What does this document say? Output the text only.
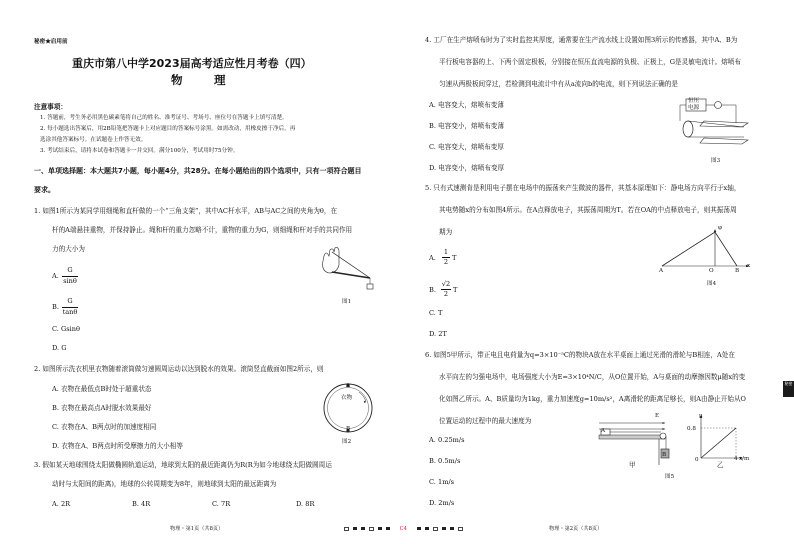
秘密★启用前
重庆市第八中学2023届高考适应性月考卷（四）
物　理
注意事项：
1. 答题前，考生务必用黑色碳素笔将自己的姓名、准考证号、考场号、座位号在答题卡上填写清楚。
2. 每小题选出答案后，用2B铅笔把答题卡上对应题目的答案标号涂黑。如需改动，用橡皮擦干净后，再
选涂其他答案标号。在试题卷上作答无效。
3. 考试结束后，请将本试卷和答题卡一并交回。满分100分，考试用时75分钟。
一、单项选择题：本大题共7小题，每小题4分，共28分。在每小题给出的四个选项中，只有一项符合题目
要求。
1. 如图1所示为某同学用细绳和直杆做的一个“三角支架”，其中AC杆水平，AB与AC之间的夹角为θ，在
杆的A端悬挂重物，并保持静止。绳和杆的重力忽略不计，重物的重力为G，则细绳和杆对手的共同作用
力的大小为
A.
G
sinθ
B.
G
tanθ
C. Gsinθ
D. G
图1
2. 如图所示洗衣机里衣物随着滚筒做匀速圆周运动以达到脱水的效果。滚筒竖直截面如图2所示，则
A. 衣物在最低点B时处于超重状态
B. 衣物在最高点A时脱水效果最好
C. 衣物在A、B两点时的加速度相同
D. 衣物在A、B两点时所受摩擦力的大小相等
衣物
A
B
图2
3. 假如某天地球围绕太阳做椭圆轨道运动，地球到太阳的最近距离仍为R(R为如今地球绕太阳做圆周运
动时与太阳间的距离)，地球的公转周期变为8年，则地球到太阳的最远距离为
A. 2R	B. 4R	C. 7R	D. 8R
物理・第1页（共8页）	C4
4. 工厂在生产熔喷布时为了实时监控其厚度，通常要在生产流水线上设置如图3所示的传感器，其中A、B为
平行板电容器的上、下两个固定极板，分别接在恒压直流电源的负极、正极上，G是灵敏电流计。熔喷布
匀速从两极板间穿过，若检测到电流计中有从a流向b的电流，则下列说法正确的是
A. 电容变大，熔喷布变薄
B. 电容变小，熔喷布变薄
C. 电容变大，熔喷布变厚
D. 电容变小，熔喷布变厚
恒压
电源
图3
5. 只有式速测肯是利用电子摆在电场中的振荡来产生微波的器件，其基本原理如下：静电场方向平行于x轴，
其电势随x的分布如图4所示。在A点释放电子，其振荡周期为T。若在OA的中点释放电子，则其振荡周
期为
A.
1
2 T
B.
√2
2 T
C. T
D. 2T
A	O	B
x
φ
图4
6. 如图5甲所示，带正电且电荷量为q=3×10⁻⁵C的物块A放在水平桌面上通过光滑的滑轮与B相连，A处在
水平向左的匀强电场中，电场强度大小为E=3×10⁴N/C，从O位置开始，A与桌面的动摩擦因数μ随x的变
化如图乙所示。A、B质量均为1kg，重力加速度g=10m/s²，A离滑轮的距离足够长，则A由静止开始从O
位置运动的过程中的最大速度为
A. 0.25m/s
B. 0.5m/s
C. 1m/s
D. 2m/s
A
B
E
甲
μ
0.8
0	4 x/m
乙
图5
物理・第2页（共8页）
秘密
